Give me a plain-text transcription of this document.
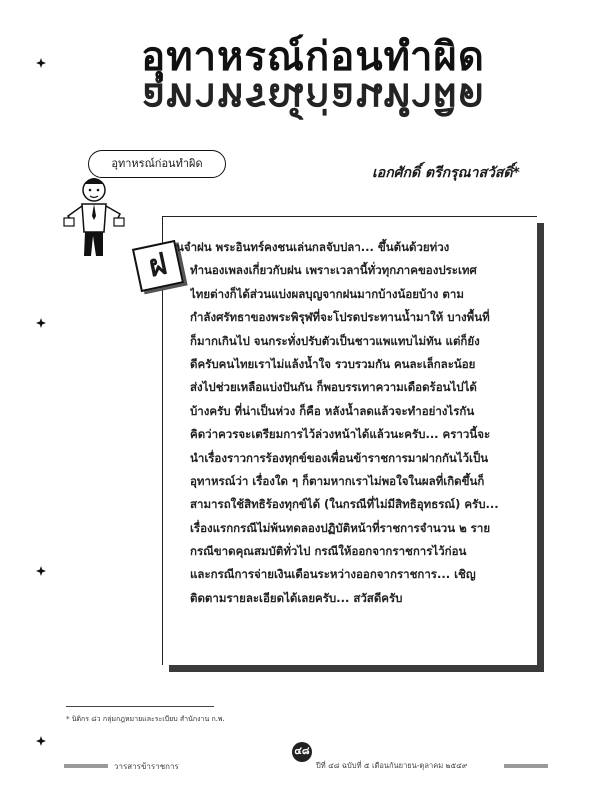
อุทาหรณ์ก่อนทำผิด
อุทาหรณ์ก่อนทำผิด
อุทาหรณ์ก่อนทำผิด
เอกศักดิ์ ตรีกรุณาสวัสดิ์*
ฝ นจำฝน พระอินทร์คงชนเล่นกลจับปลา... ขึ้นต้นด้วยท่วง
ทำนองเพลงเกี่ยวกับฝน เพราะเวลานี้ทั่วทุกภาคของประเทศ
ไทยต่างก็ได้ส่วนแบ่งผลบุญจากฝนมากบ้างน้อยบ้าง ตาม
กำลังศรัทธาของพระพิรุฬที่จะโปรดประทานน้ำมาให้ บางพื้นที่
ก็มากเกินไป จนกระทั่งปรับตัวเป็นชาวแพแทบไม่ทัน แต่ก็ยัง
ดีครับคนไทยเราไม่แล้งน้ำใจ รวบรวมกัน คนละเล็กละน้อย
ส่งไปช่วยเหลือแบ่งปันกัน ก็พอบรรเทาความเดือดร้อนไปได้
บ้างครับ ที่น่าเป็นห่วง ก็คือ หลังน้ำลดแล้วจะทำอย่างไรกัน
คิดว่าควรจะเตรียมการไว้ล่วงหน้าได้แล้วนะครับ... คราวนี้จะ
นำเรื่องราวการร้องทุกข์ของเพื่อนข้าราชการมาฝากกันไว้เป็น
อุทาหรณ์ว่า เรื่องใด ๆ ก็ตามหากเราไม่พอใจในผลที่เกิดขึ้นก็
สามารถใช้สิทธิร้องทุกข์ได้ (ในกรณีที่ไม่มีสิทธิอุทธรณ์) ครับ...
เรื่องแรกกรณีไม่พ้นทดลองปฏิบัติหน้าที่ราชการจำนวน ๒ ราย
กรณีขาดคุณสมบัติทั่วไป กรณีให้ออกจากราชการไว้ก่อน
และกรณีการจ่ายเงินเดือนระหว่างออกจากราชการ... เชิญ
ติดตามรายละเอียดได้เลยครับ... สวัสดีครับ
* นิติกร ๘ว กลุ่มกฎหมายและระเบียบ สำนักงาน ก.พ.
วารสารข้าราชการ
๔๘
ปีที่ ๔๘ ฉบับที่ ๕ เดือนกันยายน-ตุลาคม ๒๕๔๙
